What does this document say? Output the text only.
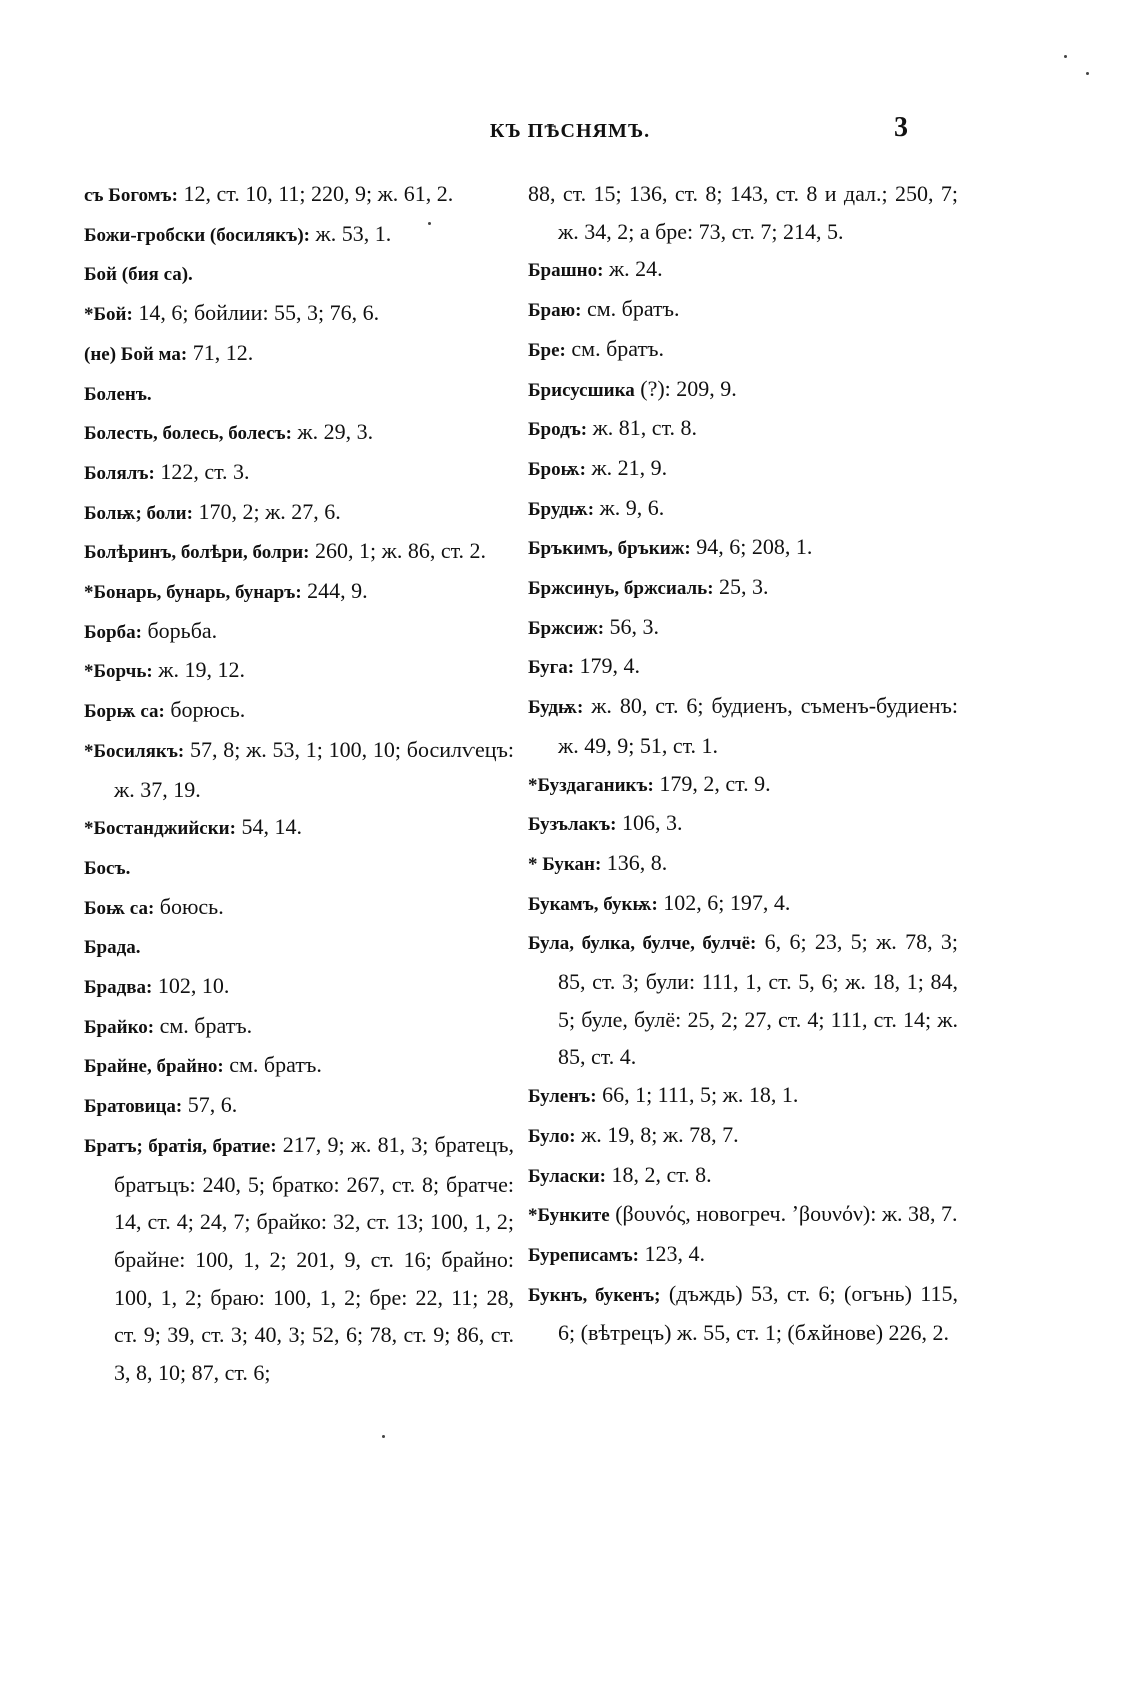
КЪ ПѢСНЯМЪ.	3

съ Богомъ: 12, ст. 10, 11; 220, 9; ж. 61, 2.

Божи-гробски (босилякъ): ж. 53, 1.

Бой (бия са).

*Бой: 14, 6; бойлии: 55, 3; 76, 6.

(не) Бой ма: 71, 12.

Боленъ.

Болесть, болесь, болесъ: ж. 29, 3.

Болялъ: 122, ст. 3.

Болѭ; боли: 170, 2; ж. 27, 6.

Болѣринъ, болѣри, болри: 260, 1; ж. 86, ст. 2.

*Бонарь, бунарь, бунаръ: 244, 9.

Борба: борьба.

*Борчь: ж. 19, 12.

Борѭ са: борюсь.

*Босилякъ: 57, 8; ж. 53, 1; 100, 10; босилѵецъ: ж. 37, 19.

*Бостанджийски: 54, 14.

Босъ.

Боѭ са: боюсь.

Брада.

Брадва: 102, 10.

Брайко: см. братъ.

Брайне, брайно: см. братъ.

Братовица: 57, 6.

Братъ; братія, братие: 217, 9; ж. 81, 3; братецъ, братъцъ: 240, 5; братко: 267, ст. 8; братче: 14, ст. 4; 24, 7; брайко: 32, ст. 13; 100, 1, 2; брайне: 100, 1, 2; 201, 9, ст. 16; брайно: 100, 1, 2; браю: 100, 1, 2; бре: 22, 11; 28, ст. 9; 39, ст. 3; 40, 3; 52, 6; 78, ст. 9; 86, ст. 3, 8, 10; 87, ст. 6;

88, ст. 15; 136, ст. 8; 143, ст. 8 и дал.; 250, 7; ж. 34, 2; а бре: 73, ст. 7; 214, 5.

Брашно: ж. 24.

Браю: см. братъ.

Бре: см. братъ.

Брисусшика (?): 209, 9.

Бродъ: ж. 81, ст. 8.

Броѭ: ж. 21, 9.

Брудѭ: ж. 9, 6.

Бръкимъ, бръкиж: 94, 6; 208, 1.

Бржсинуь, бржсиаль: 25, 3.

Бржсиж: 56, 3.

Буга: 179, 4.

Будѭ: ж. 80, ст. 6; будиенъ, съменъ-будиенъ: ж. 49, 9; 51, ст. 1.

*Буздаганикъ: 179, 2, ст. 9.

Бузълакъ: 106, 3.

* Букан: 136, 8.

Букамъ, букѭ: 102, 6; 197, 4.

Була, булка, булче, булчё: 6, 6; 23, 5; ж. 78, 3; 85, ст. 3; були: 111, 1, ст. 5, 6; ж. 18, 1; 84, 5; буле, булё: 25, 2; 27, ст. 4; 111, ст. 14; ж. 85, ст. 4.

Буленъ: 66, 1; 111, 5; ж. 18, 1.

Було: ж. 19, 8; ж. 78, 7.

Буласки: 18, 2, ст. 8.

*Бунките (βουνός, новогреч. ʼβουνόν): ж. 38, 7.

Буреписамъ: 123, 4.

Букнъ, букенъ; (дъждь) 53, ст. 6; (огънь) 115, 6; (вѣтрецъ) ж. 55, ст. 1; (бѫйнове) 226, 2.
